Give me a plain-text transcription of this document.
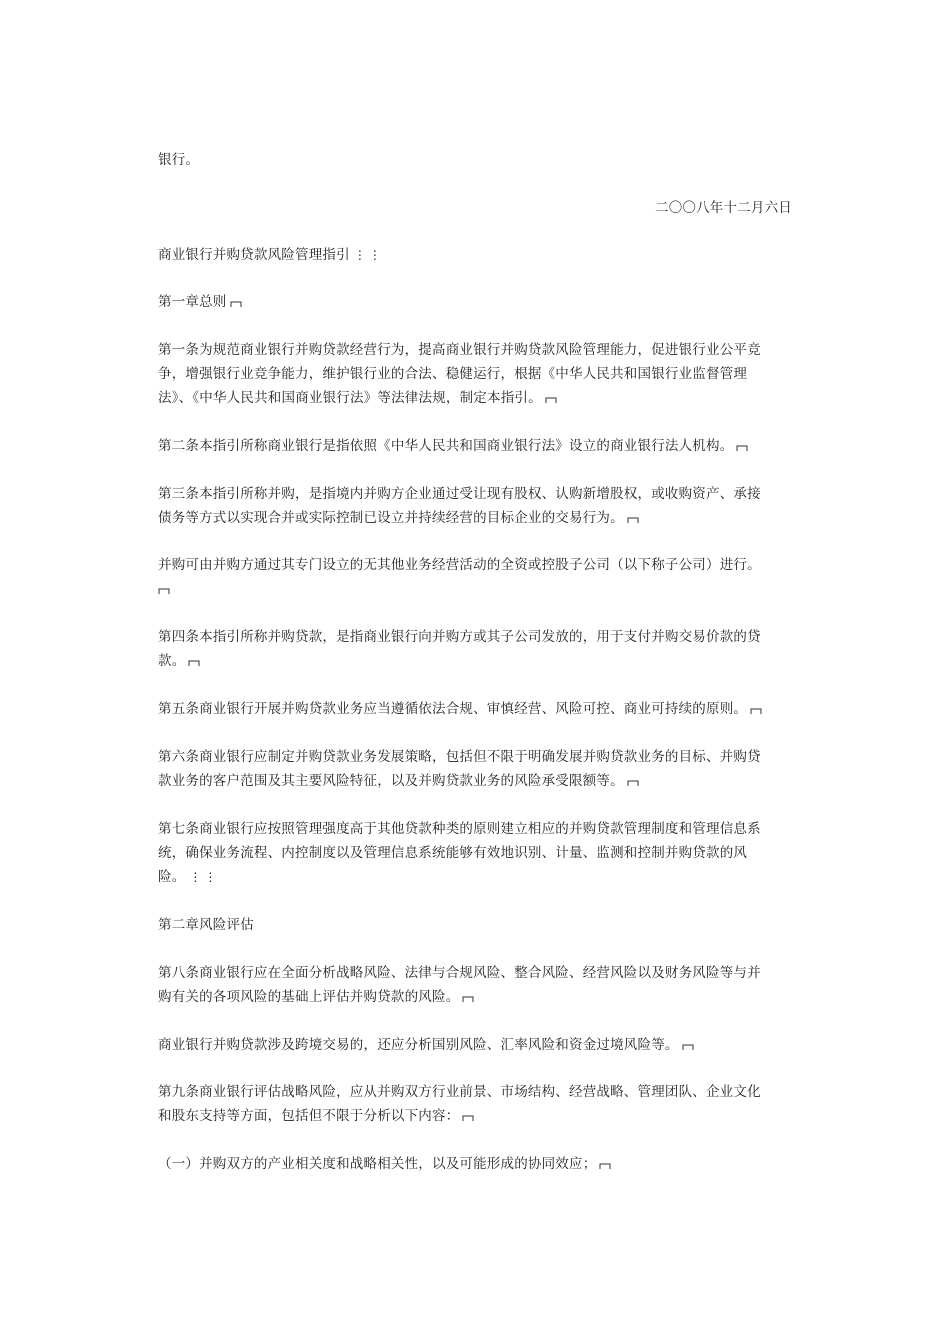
银行。
二〇〇八年十二月六日
商业银行并购贷款风险管理指引 ⋮⋮
第一章总则
第一条为规范商业银行并购贷款经营行为，提高商业银行并购贷款风险管理能力，促进银行业公平竞
争，增强银行业竞争能力，维护银行业的合法、稳健运行，根据《中华人民共和国银行业监督管理
法》、《中华人民共和国商业银行法》等法律法规，制定本指引。
第二条本指引所称商业银行是指依照《中华人民共和国商业银行法》设立的商业银行法人机构。
第三条本指引所称并购，是指境内并购方企业通过受让现有股权、认购新增股权，或收购资产、承接
债务等方式以实现合并或实际控制已设立并持续经营的目标企业的交易行为。
并购可由并购方通过其专门设立的无其他业务经营活动的全资或控股子公司（以下称子公司）进行。
第四条本指引所称并购贷款，是指商业银行向并购方或其子公司发放的，用于支付并购交易价款的贷
款。
第五条商业银行开展并购贷款业务应当遵循依法合规、审慎经营、风险可控、商业可持续的原则。
第六条商业银行应制定并购贷款业务发展策略，包括但不限于明确发展并购贷款业务的目标、并购贷
款业务的客户范围及其主要风险特征，以及并购贷款业务的风险承受限额等。
第七条商业银行应按照管理强度高于其他贷款种类的原则建立相应的并购贷款管理制度和管理信息系
统，确保业务流程、内控制度以及管理信息系统能够有效地识别、计量、监测和控制并购贷款的风
险。 ⋮⋮
第二章风险评估
第八条商业银行应在全面分析战略风险、法律与合规风险、整合风险、经营风险以及财务风险等与并
购有关的各项风险的基础上评估并购贷款的风险。
商业银行并购贷款涉及跨境交易的，还应分析国别风险、汇率风险和资金过境风险等。
第九条商业银行评估战略风险，应从并购双方行业前景、市场结构、经营战略、管理团队、企业文化
和股东支持等方面，包括但不限于分析以下内容：
（一）并购双方的产业相关度和战略相关性，以及可能形成的协同效应；
